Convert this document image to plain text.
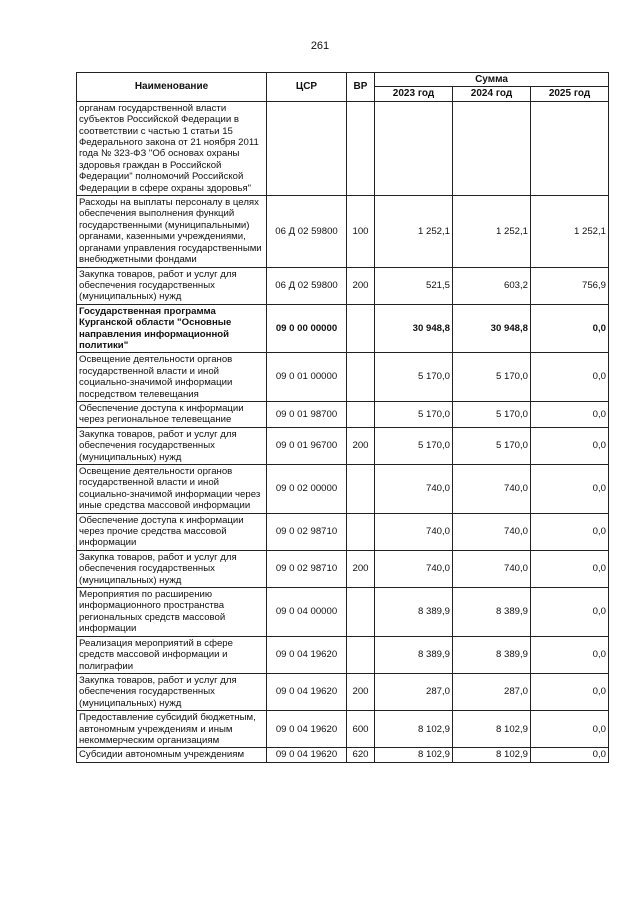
261
Наименование	ЦСР	ВР	Сумма		
			2023 год	2024 год	2025 год
органам государственной власти субъектов Российской Федерации в соответствии с частью 1 статьи 15 Федерального закона от 21 ноября 2011 года № 323-ФЗ "Об основах охраны здоровья граждан в Российской Федерации" полномочий Российской Федерации в сфере охраны здоровья"					
Расходы на выплаты персоналу в целях обеспечения выполнения функций государственными (муниципальными) органами, казенными учреждениями, органами управления государственными внебюджетными фондами	06 Д 02 59800	100	1 252,1	1 252,1	1 252,1
Закупка товаров, работ и услуг для обеспечения государственных (муниципальных) нужд	06 Д 02 59800	200	521,5	603,2	756,9
Государственная программа Курганской области "Основные направления информационной политики"	09 0 00 00000		30 948,8	30 948,8	0,0
Освещение деятельности органов государственной власти и иной социально-значимой информации посредством телевещания	09 0 01 00000		5 170,0	5 170,0	0,0
Обеспечение доступа к информации через региональное телевещание	09 0 01 98700		5 170,0	5 170,0	0,0
Закупка товаров, работ и услуг для обеспечения государственных (муниципальных) нужд	09 0 01 96700	200	5 170,0	5 170,0	0,0
Освещение деятельности органов государственной власти и иной социально-значимой информации через иные средства массовой информации	09 0 02 00000		740,0	740,0	0,0
Обеспечение доступа к информации через прочие средства массовой информации	09 0 02 98710		740,0	740,0	0,0
Закупка товаров, работ и услуг для обеспечения государственных (муниципальных) нужд	09 0 02 98710	200	740,0	740,0	0,0
Мероприятия по расширению информационного пространства региональных средств массовой информации	09 0 04 00000		8 389,9	8 389,9	0,0
Реализация мероприятий в сфере средств массовой информации и полиграфии	09 0 04 19620		8 389,9	8 389,9	0,0
Закупка товаров, работ и услуг для обеспечения государственных (муниципальных) нужд	09 0 04 19620	200	287,0	287,0	0,0
Предоставление субсидий бюджетным, автономным учреждениям и иным некоммерческим организациям	09 0 04 19620	600	8 102,9	8 102,9	0,0
Субсидии автономным учреждениям	09 0 04 19620	620	8 102,9	8 102,9	0,0
